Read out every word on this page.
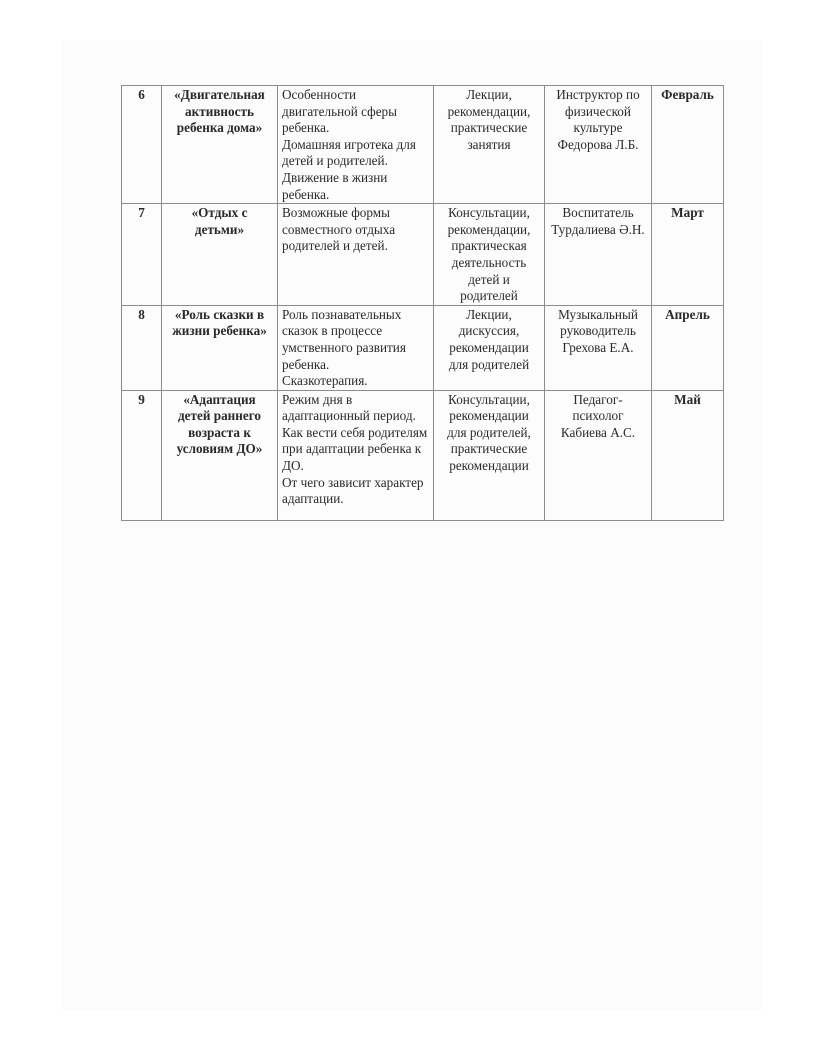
6	«Двигательная активность ребенка дома»	Особенности двигательной сферы ребенка.
Домашняя игротека для детей и родителей.
Движение в жизни ребенка.	Лекции, рекомендации, практические занятия	Инструктор по физической культуре Федорова Л.Б.	Февраль
7	«Отдых с детьми»	Возможные формы совместного отдыха родителей и детей.	Консультации, рекомендации, практическая деятельность детей и родителей	Воспитатель Турдалиева Ә.Н.	Март
8	«Роль сказки в жизни ребенка»	Роль познавательных сказок в процессе умственного развития ребенка.
Сказкотерапия.	Лекции, дискуссия, рекомендации для родителей	Музыкальный руководитель Грехова Е.А.	Апрель
9	«Адаптация детей раннего возраста к условиям ДО»	Режим дня в адаптационный период.
Как вести себя родителям при адаптации ребенка к ДО.
От чего зависит характер адаптации.	Консультации, рекомендации для родителей, практические рекомендации	Педагог-психолог Кабиева А.С.	Май
